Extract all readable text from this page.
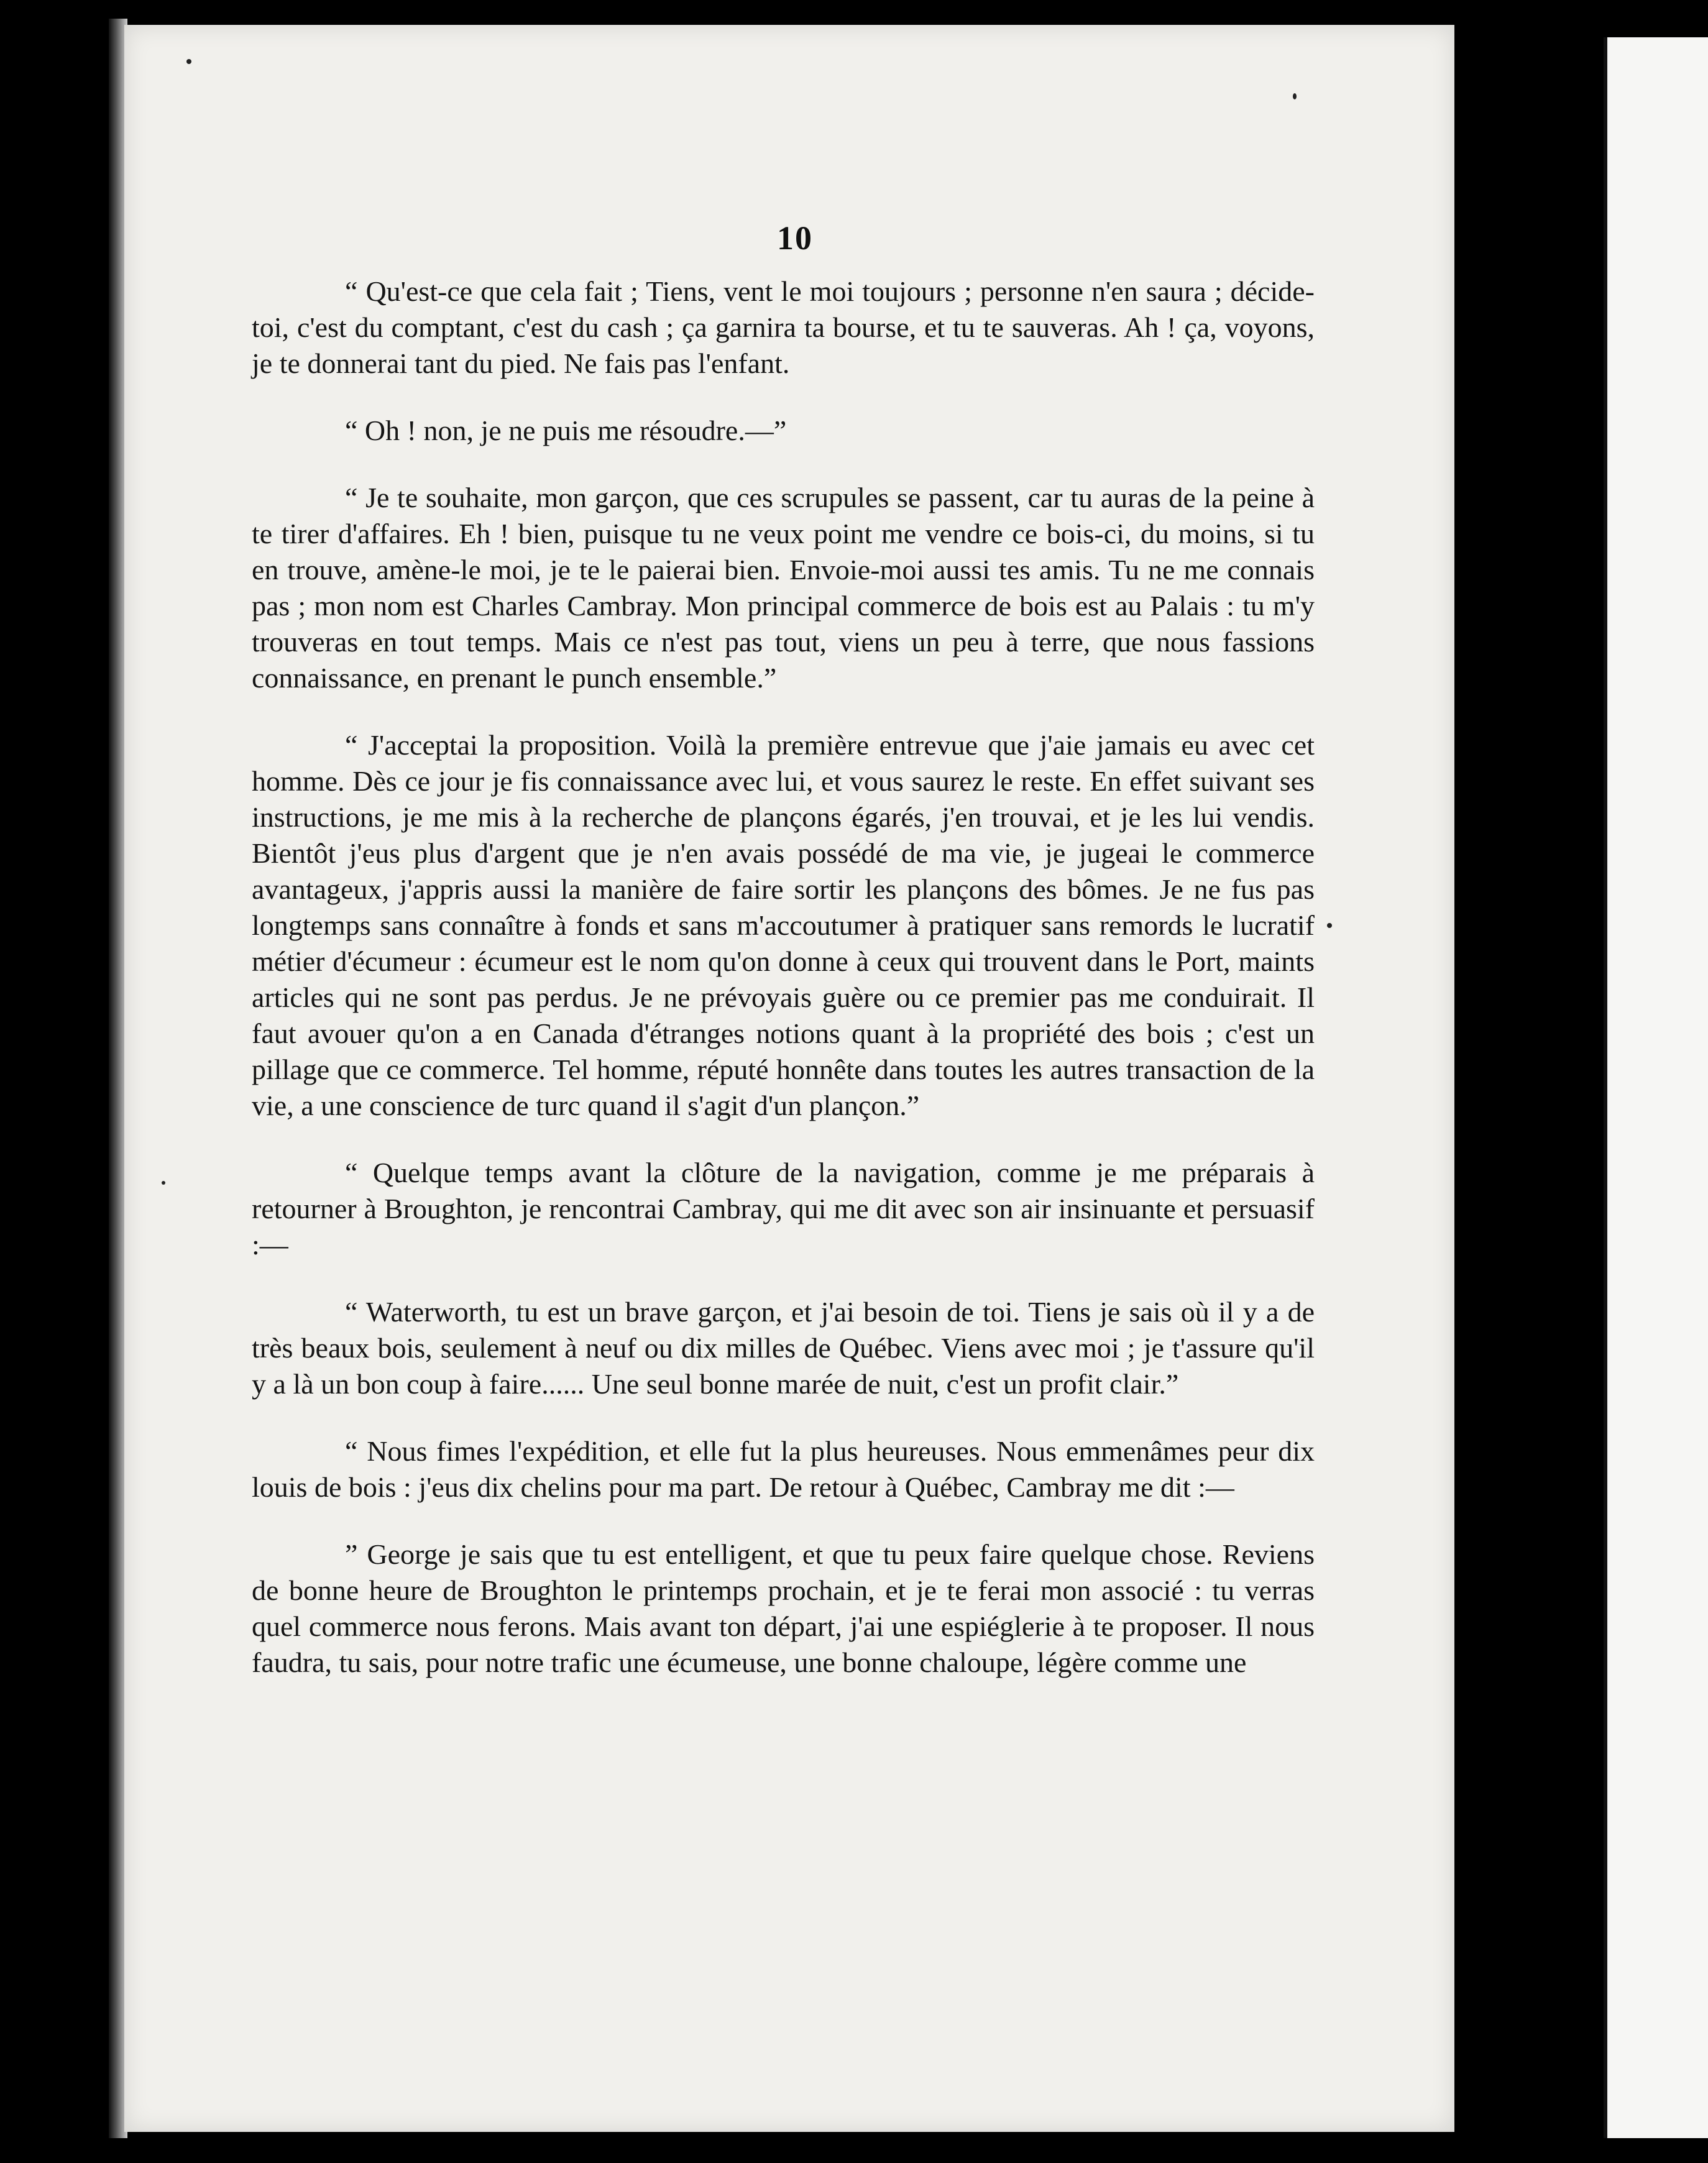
10

“ Qu'est-ce que cela fait ; Tiens, vent le moi toujours ; personne n'en saura ; décide-toi, c'est du comptant, c'est du cash ; ça garnira ta bourse, et tu te sauveras. Ah ! ça, voyons, je te donnerai tant du pied. Ne fais pas l'enfant.

“ Oh ! non, je ne puis me résoudre.—”

“ Je te souhaite, mon garçon, que ces scrupules se passent, car tu auras de la peine à te tirer d'affaires. Eh ! bien, puisque tu ne veux point me vendre ce bois-ci, du moins, si tu en trouve, amène-le moi, je te le paierai bien. Envoie-moi aussi tes amis. Tu ne me connais pas ; mon nom est Charles Cambray. Mon principal commerce de bois est au Palais : tu m'y trouveras en tout temps. Mais ce n'est pas tout, viens un peu à terre, que nous fassions connaissance, en prenant le punch ensemble.”

“ J'acceptai la proposition. Voilà la première entrevue que j'aie jamais eu avec cet homme. Dès ce jour je fis connaissance avec lui, et vous saurez le reste. En effet suivant ses instructions, je me mis à la recherche de plançons égarés, j'en trouvai, et je les lui vendis. Bientôt j'eus plus d'argent que je n'en avais possédé de ma vie, je jugeai le commerce avantageux, j'appris aussi la manière de faire sortir les plançons des bômes. Je ne fus pas longtemps sans connaître à fonds et sans m'accoutumer à pratiquer sans remords le lucratif métier d'écumeur : écumeur est le nom qu'on donne à ceux qui trouvent dans le Port, maints articles qui ne sont pas perdus. Je ne prévoyais guère ou ce premier pas me conduirait. Il faut avouer qu'on a en Canada d'étranges notions quant à la propriété des bois ; c'est un pillage que ce commerce. Tel homme, réputé honnête dans toutes les autres transaction de la vie, a une conscience de turc quand il s'agit d'un plançon.”

“ Quelque temps avant la clôture de la navigation, comme je me préparais à retourner à Broughton, je rencontrai Cambray, qui me dit avec son air insinuante et persuasif :—

“ Waterworth, tu est un brave garçon, et j'ai besoin de toi. Tiens je sais où il y a de très beaux bois, seulement à neuf ou dix milles de Québec. Viens avec moi ; je t'assure qu'il y a là un bon coup à faire...... Une seul bonne marée de nuit, c'est un profit clair.”

“ Nous fimes l'expédition, et elle fut la plus heureuses. Nous emmenâmes peur dix louis de bois : j'eus dix chelins pour ma part. De retour à Québec, Cambray me dit :—

” George je sais que tu est entelligent, et que tu peux faire quelque chose. Reviens de bonne heure de Broughton le printemps prochain, et je te ferai mon associé : tu verras quel commerce nous ferons. Mais avant ton départ, j'ai une espiéglerie à te proposer. Il nous faudra, tu sais, pour notre trafic une écumeuse, une bonne chaloupe, légère comme une
